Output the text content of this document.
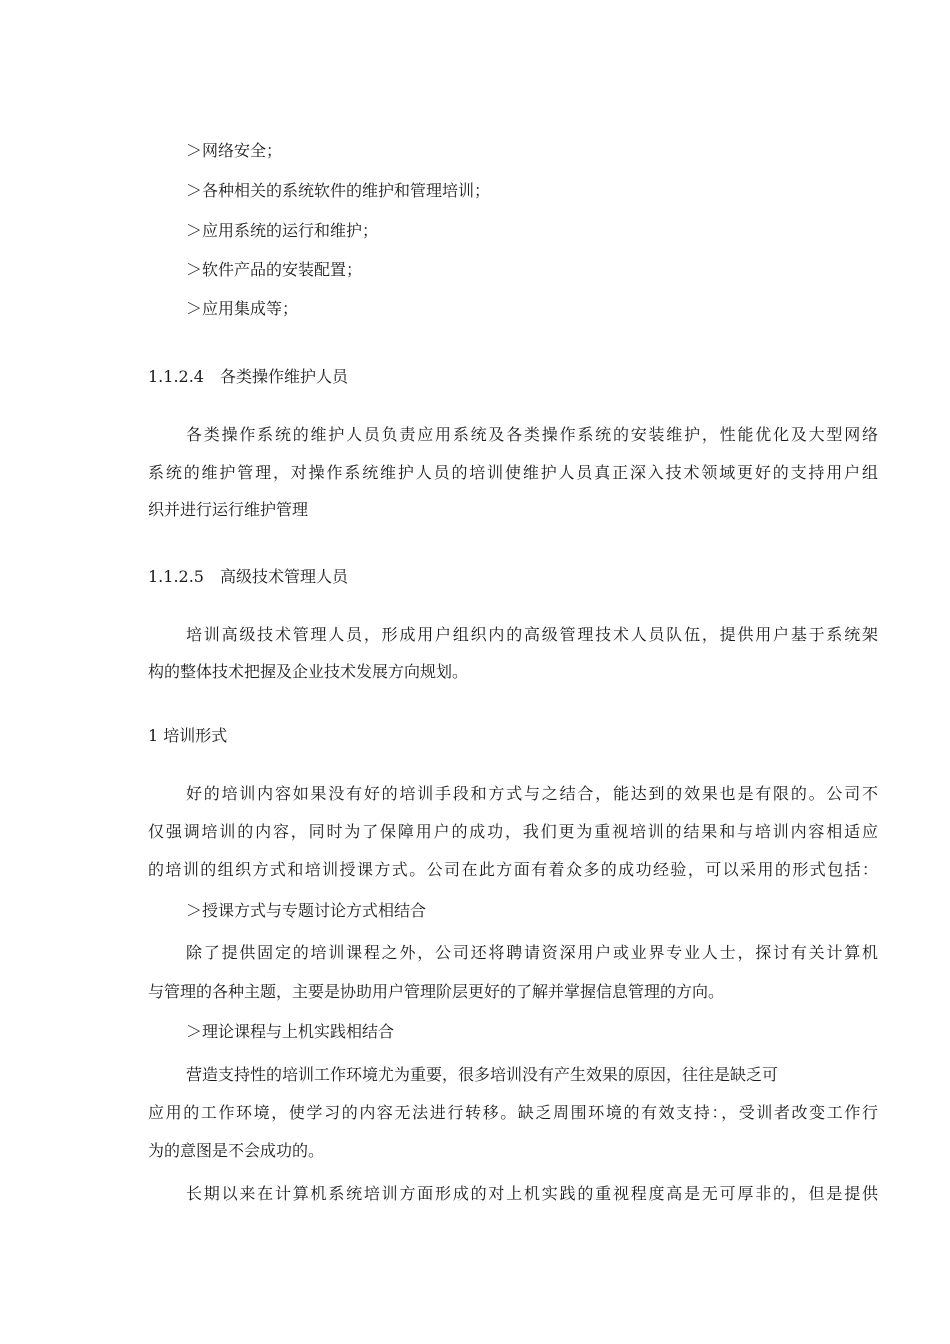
＞网络安全；
＞各种相关的系统软件的维护和管理培训；
＞应用系统的运行和维护；
＞软件产品的安装配置；
＞应用集成等；
1.1.2.4 各类操作维护人员
各类操作系统的维护人员负责应用系统及各类操作系统的安装维护，性能优化及大型网络
系统的维护管理，对操作系统维护人员的培训使维护人员真正深入技术领域更好的支持用户组
织并进行运行维护管理
1.1.2.5 高级技术管理人员
培训高级技术管理人员，形成用户组织内的高级管理技术人员队伍，提供用户基于系统架
构的整体技术把握及企业技术发展方向规划。
1 培训形式
好的培训内容如果没有好的培训手段和方式与之结合，能达到的效果也是有限的。公司不
仅强调培训的内容，同时为了保障用户的成功，我们更为重视培训的结果和与培训内容相适应
的培训的组织方式和培训授课方式。公司在此方面有着众多的成功经验，可以采用的形式包括：
＞授课方式与专题讨论方式相结合
除了提供固定的培训课程之外，公司还将聘请资深用户或业界专业人士，探讨有关计算机
与管理的各种主题，主要是协助用户管理阶层更好的了解并掌握信息管理的方向。
＞理论课程与上机实践相结合
营造支持性的培训工作环境尤为重要，很多培训没有产生效果的原因，往往是缺乏可
应用的工作环境，使学习的内容无法进行转移。缺乏周围环境的有效支持：，受训者改变工作行
为的意图是不会成功的。
长期以来在计算机系统培训方面形成的对上机实践的重视程度高是无可厚非的，但是提供
